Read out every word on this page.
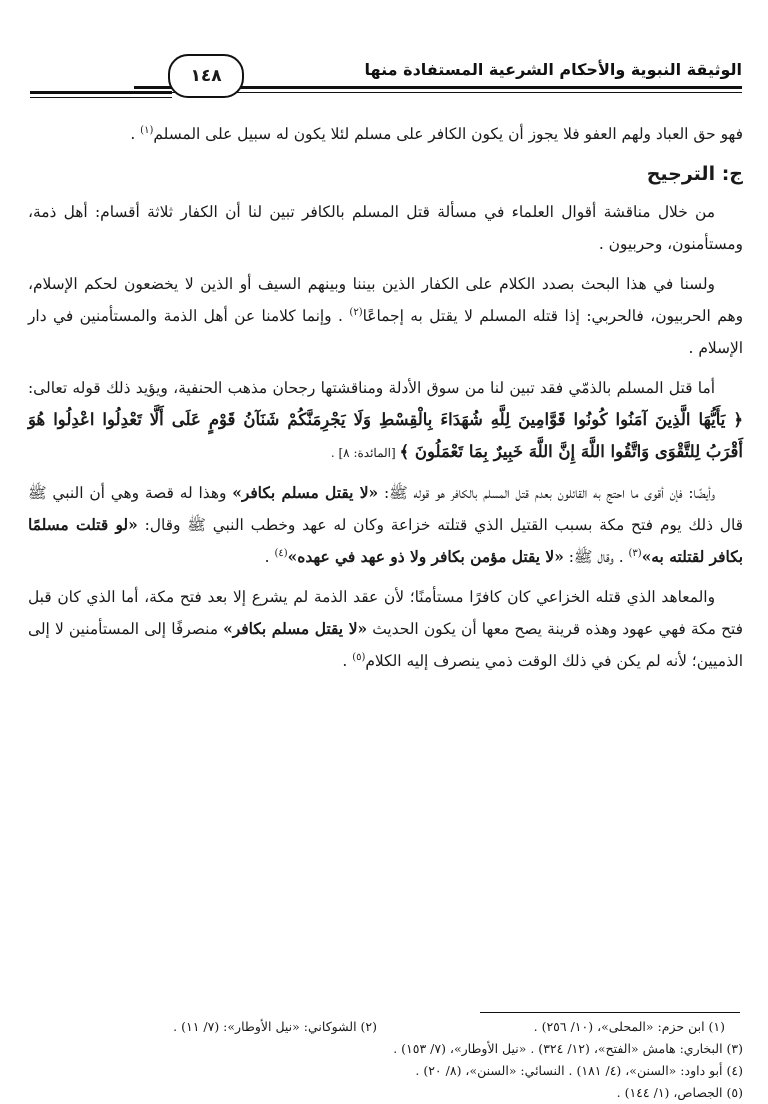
الوثيقة النبوية والأحكام الشرعية المستفادة منها
١٤٨

فهو حق العباد ولهم العفو فلا يجوز أن يكون الكافر على مسلم لئلا يكون له سبيل على المسلم$^{(١)}$ .

ج: الترجيح

من خلال مناقشة أقوال العلماء في مسألة قتل المسلم بالكافر تبين لنا أن الكفار ثلاثة أقسام: أهل ذمة، ومستأمنون، وحربيون .

ولسنا في هذا البحث بصدد الكلام على الكفار الذين بيننا وبينهم السيف أو الذين لا يخضعون لحكم الإسلام، وهم الحربيون، فالحربي: إذا قتله المسلم لا يقتل به إجماعًا$^{(٢)}$ . وإنما كلامنا عن أهل الذمة والمستأمنين في دار الإسلام .

أما قتل المسلم بالذمّي فقد تبين لنا من سوق الأدلة ومناقشتها رجحان مذهب الحنفية، ويؤيد ذلك قوله تعالى: ﴿ يَأَيُّهَا الَّذِينَ آمَنُوا كُونُوا قَوَّامِينَ لِلَّهِ شُهَدَاءَ بِالْقِسْطِ وَلَا يَجْرِمَنَّكُمْ شَنَآنُ قَوْمٍ عَلَى أَلَّا تَعْدِلُوا اعْدِلُوا هُوَ أَقْرَبُ لِلتَّقْوَى وَاتَّقُوا اللَّهَ إِنَّ اللَّهَ خَبِيرٌ بِمَا تَعْمَلُونَ ﴾ [المائدة: ٨] .

وأيضًا: فإن أقوى ما احتج به القائلون بعدم قتل المسلم بالكافر هو قوله ﷺ: «لا يقتل مسلم بكافر» وهذا له قصة وهي أن النبي ﷺ قال ذلك يوم فتح مكة بسبب القتيل الذي قتلته خزاعة وكان له عهد وخطب النبي ﷺ وقال: «لو قتلت مسلمًا بكافر لقتلته به»$^{(٣)}$ . وقال ﷺ: «لا يقتل مؤمن بكافر ولا ذو عهد في عهده»$^{(٤)}$ .

والمعاهد الذي قتله الخزاعي كان كافرًا مستأمنًا؛ لأن عقد الذمة لم يشرع إلا بعد فتح مكة، أما الذي كان قبل فتح مكة فهي عهود وهذه قرينة يصح معها أن يكون الحديث «لا يقتل مسلم بكافر» منصرفًا إلى المستأمنين لا إلى الذميين؛ لأنه لم يكن في ذلك الوقت ذمي ينصرف إليه الكلام$^{(٥)}$ .

(١) ابن حزم: «المحلى»، (١٠/ ٢٥٦) .
(٢) الشوكاني: «نيل الأوطار»: (٧/ ١١) .
(٣) البخاري: هامش «الفتح»، (١٢/ ٣٢٤) . «نيل الأوطار»، (٧/ ١٥٣) .
(٤) أبو داود: «السنن»، (٤/ ١٨١) . النسائي: «السنن»، (٨/ ٢٠) .
(٥) الجصاص، (١/ ١٤٤) .
